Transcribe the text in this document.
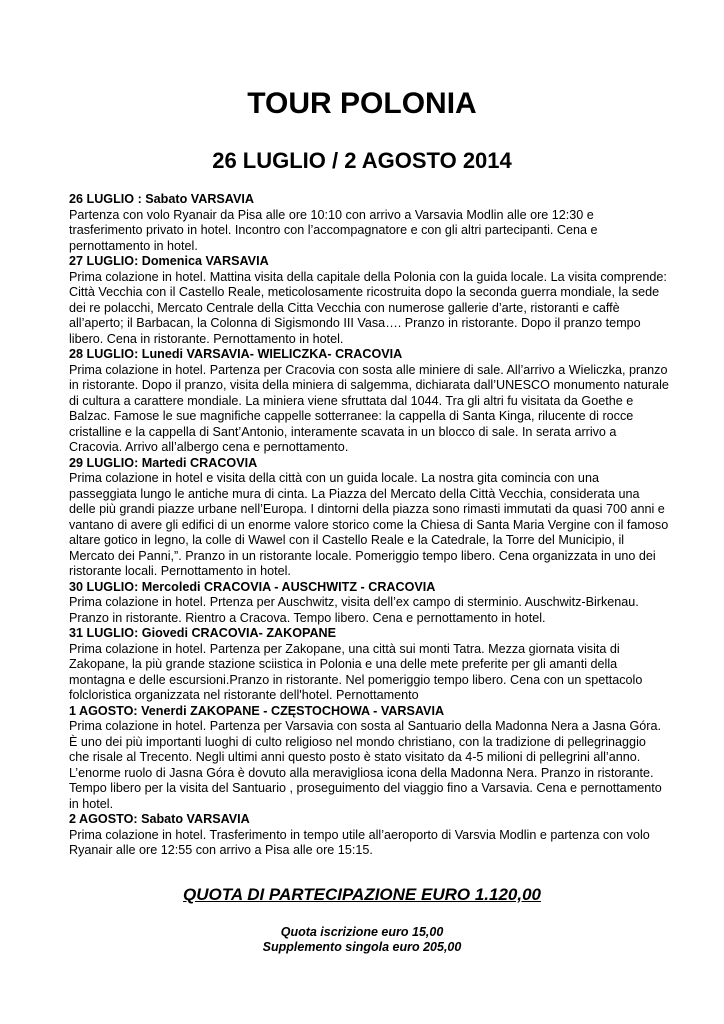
TOUR POLONIA
26 LUGLIO / 2 AGOSTO 2014
26 LUGLIO : Sabato VARSAVIA
Partenza con volo Ryanair da Pisa alle ore 10:10 con arrivo a Varsavia Modlin alle ore 12:30 e trasferimento privato in hotel. Incontro con l’accompagnatore e con gli altri partecipanti. Cena e pernottamento in hotel.
27 LUGLIO: Domenica VARSAVIA
Prima colazione in hotel. Mattina visita della capitale della Polonia con la guida locale. La visita comprende: Città Vecchia con il Castello Reale, meticolosamente ricostruita dopo la seconda guerra mondiale, la sede dei re polacchi, Mercato Centrale della Citta Vecchia con numerose gallerie d’arte, ristoranti e caffè all’aperto; il Barbacan, la Colonna di Sigismondo III Vasa…. Pranzo in ristorante. Dopo il pranzo tempo libero. Cena in ristorante. Pernottamento in hotel.
28 LUGLIO: Lunedi VARSAVIA- WIELICZKA- CRACOVIA
Prima colazione in hotel. Partenza per Cracovia con sosta alle miniere di sale. All’arrivo a Wieliczka, pranzo in ristorante. Dopo il pranzo, visita della miniera di salgemma, dichiarata dall’UNESCO monumento naturale di cultura a carattere mondiale. La miniera viene sfruttata dal 1044. Tra gli altri fu visitata da Goethe e Balzac. Famose le sue magnifiche cappelle sotterranee: la cappella di Santa Kinga, rilucente di rocce cristalline e la cappella di Sant’Antonio, interamente scavata in un blocco di sale. In serata arrivo a Cracovia. Arrivo all’albergo cena e pernottamento.
29 LUGLIO: Martedi CRACOVIA
Prima colazione in hotel e visita della città con un guida locale. La nostra gita comincia con una passeggiata lungo le antiche mura di cinta. La Piazza del Mercato della Città Vecchia, considerata una delle più grandi piazze urbane nell’Europa. I dintorni della piazza sono rimasti immutati da quasi 700 anni e vantano di avere gli edifici di un enorme valore storico come la Chiesa di Santa Maria Vergine con il famoso altare gotico in legno, la colle di Wawel con il Castello Reale e la Catedrale, la Torre del Municipio, il Mercato dei Panni,”. Pranzo in un ristorante locale. Pomeriggio tempo libero. Cena organizzata in uno dei ristorante locali. Pernottamento in hotel.
30 LUGLIO: Mercoledi CRACOVIA - AUSCHWITZ - CRACOVIA
Prima colazione in hotel. Prtenza per Auschwitz, visita dell’ex campo di sterminio. Auschwitz-Birkenau. Pranzo in ristorante. Rientro a Cracova. Tempo libero. Cena e pernottamento in hotel.
31 LUGLIO: Giovedi CRACOVIA- ZAKOPANE
Prima colazione in hotel. Partenza per Zakopane, una città sui monti Tatra. Mezza giornata visita di Zakopane, la più grande stazione sciistica in Polonia e una delle mete preferite per gli amanti della montagna e delle escursioni.Pranzo in ristorante. Nel pomeriggio tempo libero. Cena con un spettacolo folcloristica organizzata nel ristorante dell'hotel. Pernottamento
1 AGOSTO: Venerdi ZAKOPANE - CZĘSTOCHOWA - VARSAVIA
Prima colazione in hotel. Partenza per Varsavia con sosta al Santuario della Madonna Nera a Jasna Góra. È uno dei più importanti luoghi di culto religioso nel mondo christiano, con la tradizione di pellegrinaggio che risale al Trecento. Negli ultimi anni questo posto è stato visitato da 4-5 milioni di pellegrini all’anno. L’enorme ruolo di Jasna Góra è dovuto alla meravigliosa icona della Madonna Nera. Pranzo in ristorante. Tempo libero per la visita del Santuario , proseguimento del viaggio fino a Varsavia. Cena e pernottamento in hotel.
2 AGOSTO: Sabato VARSAVIA
Prima colazione in hotel. Trasferimento in tempo utile all’aeroporto di Varsvia Modlin e partenza con volo Ryanair alle ore 12:55 con arrivo a Pisa alle ore 15:15.
QUOTA DI PARTECIPAZIONE EURO 1.120,00
Quota iscrizione euro 15,00
Supplemento singola euro 205,00
